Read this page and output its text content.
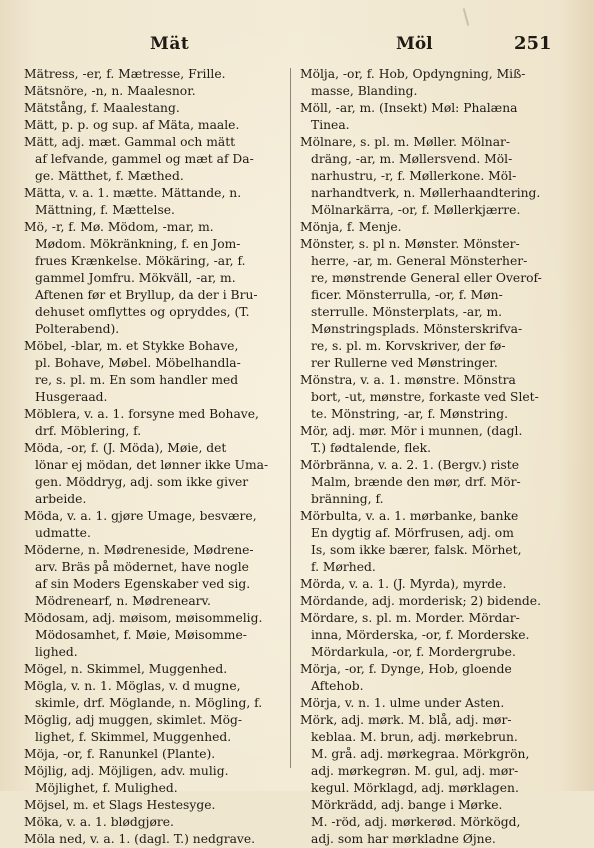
Mät	Möl	251
Mätress, -er, f. Mætresse, Frille.
Mätsnöre, -n, n. Maalesnor.
Mätstång, f. Maalestang.
Mätt, p. p. og sup. af Mäta, maale.
Mätt, adj. mæt. Gammal och mätt
af lefvande, gammel og mæt af Da-
ge. Mätthet, f. Mæthed.
Mätta, v. a. 1. mætte. Mättande, n.
Mättning, f. Mættelse.
Mö, -r, f. Mø. Mödom, -mar, m.
Mødom. Mökränkning, f. en Jom-
frues Krænkelse. Mökäring, -ar, f.
gammel Jomfru. Mökväll, -ar, m.
Aftenen før et Bryllup, da der i Bru-
dehuset omflyttes og opryddes, (T.
Polterabend).
Möbel, -blar, m. et Stykke Bohave,
pl. Bohave, Møbel. Möbelhandla-
re, s. pl. m. En som handler med
Husgeraad.
Möblera, v. a. 1. forsyne med Bohave,
drf. Möblering, f.
Möda, -or, f. (J. Möda), Møie, det
lönar ej mödan, det lønner ikke Uma-
gen. Möddryg, adj. som ikke giver
arbeide.
Möda, v. a. 1. gjøre Umage, besvære,
udmatte.
Möderne, n. Mødreneside, Mødrene-
arv. Bräs på mödernet, have nogle
af sin Moders Egenskaber ved sig.
Mödrenearf, n. Mødrenearv.
Mödosam, adj. møisom, møisommelig.
Mödosamhet, f. Møie, Møisomme-
lighed.
Mögel, n. Skimmel, Muggenhed.
Mögla, v. n. 1. Möglas, v. d mugne,
skimle, drf. Möglande, n. Mögling, f.
Möglig, adj muggen, skimlet. Mög-
lighet, f. Skimmel, Muggenhed.
Möja, -or, f. Ranunkel (Plante).
Möjlig, adj. Möjligen, adv. mulig.
Möjlighet, f. Mulighed.
Möjsel, m. et Slags Hestesyge.
Möka, v. a. 1. blødgjøre.
Möla ned, v. a. 1. (dagl. T.) nedgrave.
Mölja, -or, f. Hob, Opdyngning, Miß-
masse, Blanding.
Möll, -ar, m. (Insekt) Møl: Phalæna
Tinea.
Mölnare, s. pl. m. Møller. Mölnar-
dräng, -ar, m. Møllersvend. Möl-
narhustru, -r, f. Møllerkone. Möl-
narhandtverk, n. Møllerhaandtering.
Mölnarkärra, -or, f. Møllerkjærre.
Mönja, f. Menje.
Mönster, s. pl n. Mønster. Mönster-
herre, -ar, m. General Mönsterher-
re, mønstrende General eller Overof-
ficer. Mönsterrulla, -or, f. Møn-
sterrulle. Mönsterplats, -ar, m.
Mønstringsplads. Mönsterskrifva-
re, s. pl. m. Korvskriver, der fø-
rer Rullerne ved Mønstringer.
Mönstra, v. a. 1. mønstre. Mönstra
bort, -ut, mønstre, forkaste ved Slet-
te. Mönstring, -ar, f. Mønstring.
Mör, adj. mør. Mör i munnen, (dagl.
T.) fødtalende, flek.
Mörbränna, v. a. 2. 1. (Bergv.) riste
Malm, brænde den mør, drf. Mör-
bränning, f.
Mörbulta, v. a. 1. mørbanke, banke
En dygtig af. Mörfrusen, adj. om
Is, som ikke bærer, falsk. Mörhet,
f. Mørhed.
Mörda, v. a. 1. (J. Myrda), myrde.
Mördande, adj. morderisk; 2) bidende.
Mördare, s. pl. m. Morder. Mördar-
inna, Mörderska, -or, f. Morderske.
Mördarkula, -or, f. Mordergrube.
Mörja, -or, f. Dynge, Hob, gloende
Aftehob.
Mörja, v. n. 1. ulme under Asten.
Mörk, adj. mørk. M. blå, adj. mør-
keblaa. M. brun, adj. mørkebrun.
M. grå. adj. mørkegraa. Mörkgrön,
adj. mørkegrøn. M. gul, adj. mør-
kegul. Mörklagd, adj. mørklagen.
Mörkrädd, adj. bange i Mørke.
M. -röd, adj. mørkerød. Mörkögd,
adj. som har mørkladne Øjne.
